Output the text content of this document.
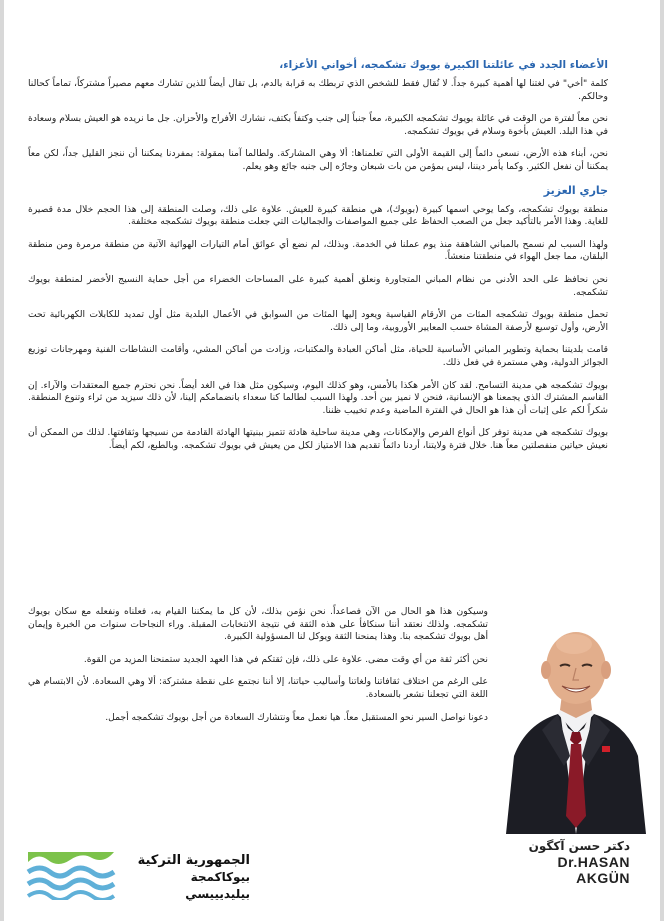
الأعضاء الجدد في عائلتنا الكبيرة بويوك تشكمجه، أخواني الأعزاء،

كلمة "أخي" في لغتنا لها أهمية كبيرة جداً. لا تُقال فقط للشخص الذي تربطك به قرابة بالدم، بل تقال أيضاً للذين تشارك معهم مصيراً مشتركاً، تماماً كحالنا وحالكم.

نحن معاً لفترة من الوقت في عائلة بويوك تشكمجه الكبيرة، معاً جنباً إلى جنب وكتفاً بكتف، نشارك الأفراح والأحزان. جل ما نريده هو العيش بسلام وسعادة في هذا البلد. العيش بأخوة وسلام في بويوك تشكمجه.

نحن، أبناء هذه الأرض، نسعى دائماً إلى القيمة الأولى التي تعلمناها: ألا وهي المشاركة. ولطالما آمنا بمقولة: بمفردنا يمكننا أن ننجز القليل جداً، لكن معاً يمكننا أن نفعل الكثير. وكما يأمر ديننا، ليس بمؤمن من بات شبعان وجارُه إلى جنبه جائع وهو يعلم.

جاري العزيز

منطقة بويوك تشكمجه، وكما يوحي اسمها كبيرة (بويوك)، هي منطقة كبيرة للعيش. علاوة على ذلك، وصلت المنطقة إلى هذا الحجم خلال مدة قصيرة للغاية. وهذا الأمر بالتأكيد جعل من الصعب الحفاظ على جميع المواصفات والجماليات التي جعلت منطقة بويوك تشكمجه مختلفة.

ولهذا السبب لم نسمح بالمباني الشاهقة منذ يوم عملنا في الخدمة. وبذلك، لم نضع أي عوائق أمام التيارات الهوائية الآتية من منطقة مرمرة ومن منطقة البلقان، مما جعل الهواء في منطقتنا منعشاً.

نحن نحافظ على الحد الأدنى من نظام المباني المتجاورة ونعلق أهمية كبيرة على المساحات الخضراء من أجل حماية النسيج الأخضر لمنطقة بويوك تشكمجه.

تحمل منطقة بويوك تشكمجه المئات من الأرقام القياسية ويعود إليها المئات من السوابق في الأعمال البلدية مثل أول تمديد للكابلات الكهربائية تحت الأرض، وأول توسيع لأرصفة المشاة حسب المعايير الأوروبية، وما إلى ذلك.

قامت بلديتنا بحماية وتطوير المباني الأساسية للحياة، مثل أماكن العبادة والمكتبات، وزادت من أماكن المشي، وأقامت النشاطات الفنية ومهرجانات توزيع الجوائز الدولية، وهي مستمرة في فعل ذلك.

بويوك تشكمجه هي مدينة التسامح. لقد كان الأمر هكذا بالأمس، وهو كذلك اليوم، وسيكون مثل هذا في الغد أيضاً. نحن نحترم جميع المعتقدات والآراء. إن القاسم المشترك الذي يجمعنا هو الإنسانية، فنحن لا نميز بين أحد. ولهذا السبب لطالما كنا سعداء بانضمامكم إلينا، لأن ذلك سيزيد من ثراء وتنوع المنطقة. شكراً لكم على إثبات أن هذا هو الحال في الفترة الماضية وعدم تخييب ظننا.

بويوك تشكمجه هي مدينة توفر كل أنواع الفرص والإمكانات، وهي مدينة ساحلية هادئة تتميز ببنيتها الهادئة القادمة من نسيجها وثقافتها. لذلك من الممكن أن نعيش حياتين منفصلتين معاً هنا. خلال فترة ولايتنا، أردنا دائماً تقديم هذا الامتياز لكل من يعيش في بويوك تشكمجه. وبالطبع، لكم أيضاً.

وسيكون هذا هو الحال من الآن فصاعداً. نحن نؤمن بذلك، لأن كل ما يمكننا القيام به، فعلناه ونفعله مع سكان بويوك تشكمجه. ولذلك نعتقد أننا سنكافأ على هذه الثقة في نتيجة الانتخابات المقبلة. وراء النجاحات سنوات من الخبرة وإيمان أهل بويوك تشكمجه بنا. وهذا يمنحنا الثقة ويوكل لنا المسؤولية الكبيرة.

نحن أكثر ثقة من أي وقت مضى. علاوة على ذلك، فإن ثقتكم في هذا العهد الجديد ستمنحنا المزيد من القوة.

على الرغم من اختلاف ثقافاتنا ولغاتنا وأساليب حياتنا، إلا أننا نجتمع على نقطة مشتركة: ألا وهي السعادة. لأن الابتسام هي اللغة التي تجعلنا نشعر بالسعادة.

دعونا نواصل السير نحو المستقبل معاً. هيا نعمل معاً ونتشارك السعادة من أجل بويوك تشكمجه أجمل.

دكتر حسن آكگون

Dr.HASAN

AKGÜN

الجمهورية التركية

بيوكاكمجة بيليديييسي
